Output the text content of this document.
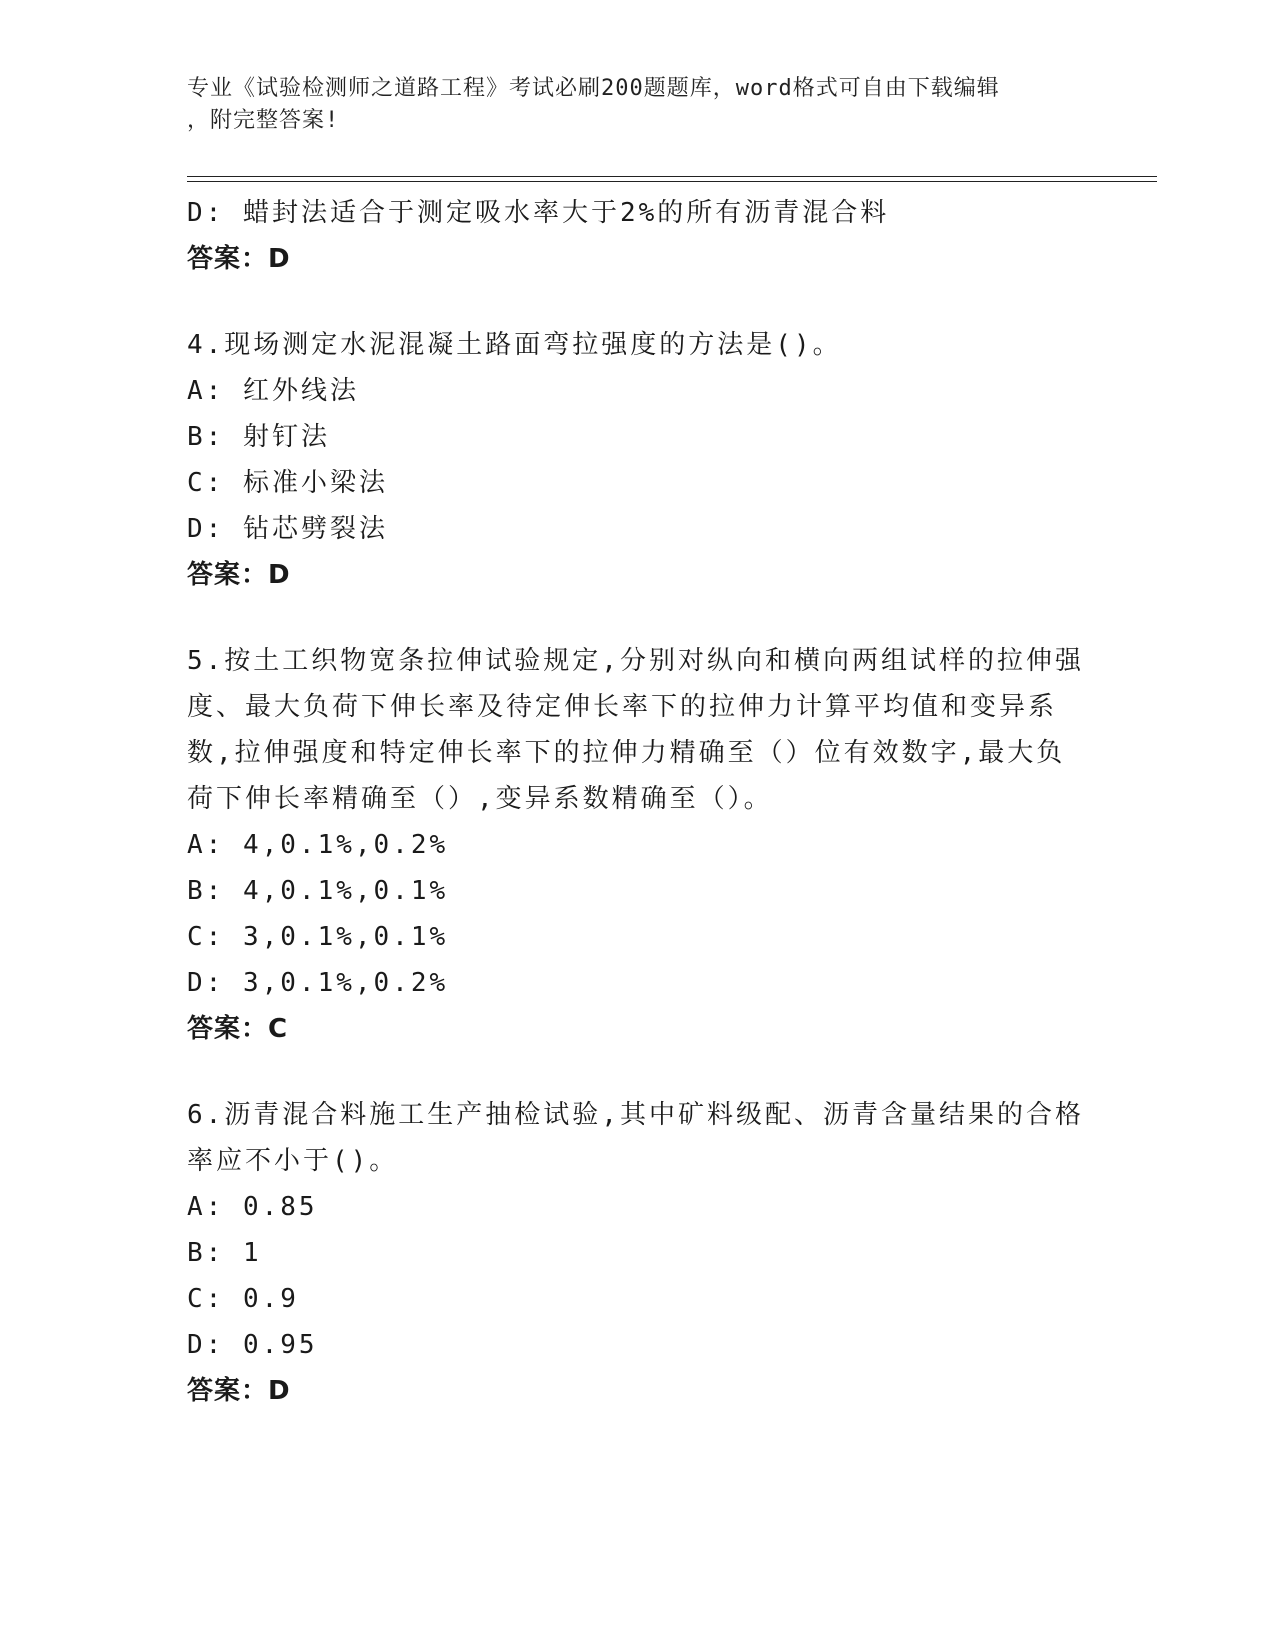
专业《试验检测师之道路工程》考试必刷200题题库，word格式可自由下载编辑
，附完整答案!
D: 蜡封法适合于测定吸水率大于2%的所有沥青混合料
答案：D
4.现场测定水泥混凝土路面弯拉强度的方法是()。
A: 红外线法
B: 射钉法
C: 标准小梁法
D: 钻芯劈裂法
答案：D
5.按土工织物宽条拉伸试验规定,分别对纵向和横向两组试样的拉伸强
度、最大负荷下伸长率及待定伸长率下的拉伸力计算平均值和变异系
数,拉伸强度和特定伸长率下的拉伸力精确至（）位有效数字,最大负
荷下伸长率精确至（）,变异系数精确至（）。
A: 4,0.1%,0.2%
B: 4,0.1%,0.1%
C: 3,0.1%,0.1%
D: 3,0.1%,0.2%
答案：C
6.沥青混合料施工生产抽检试验,其中矿料级配、沥青含量结果的合格
率应不小于()。
A: 0.85
B: 1
C: 0.9
D: 0.95
答案：D
